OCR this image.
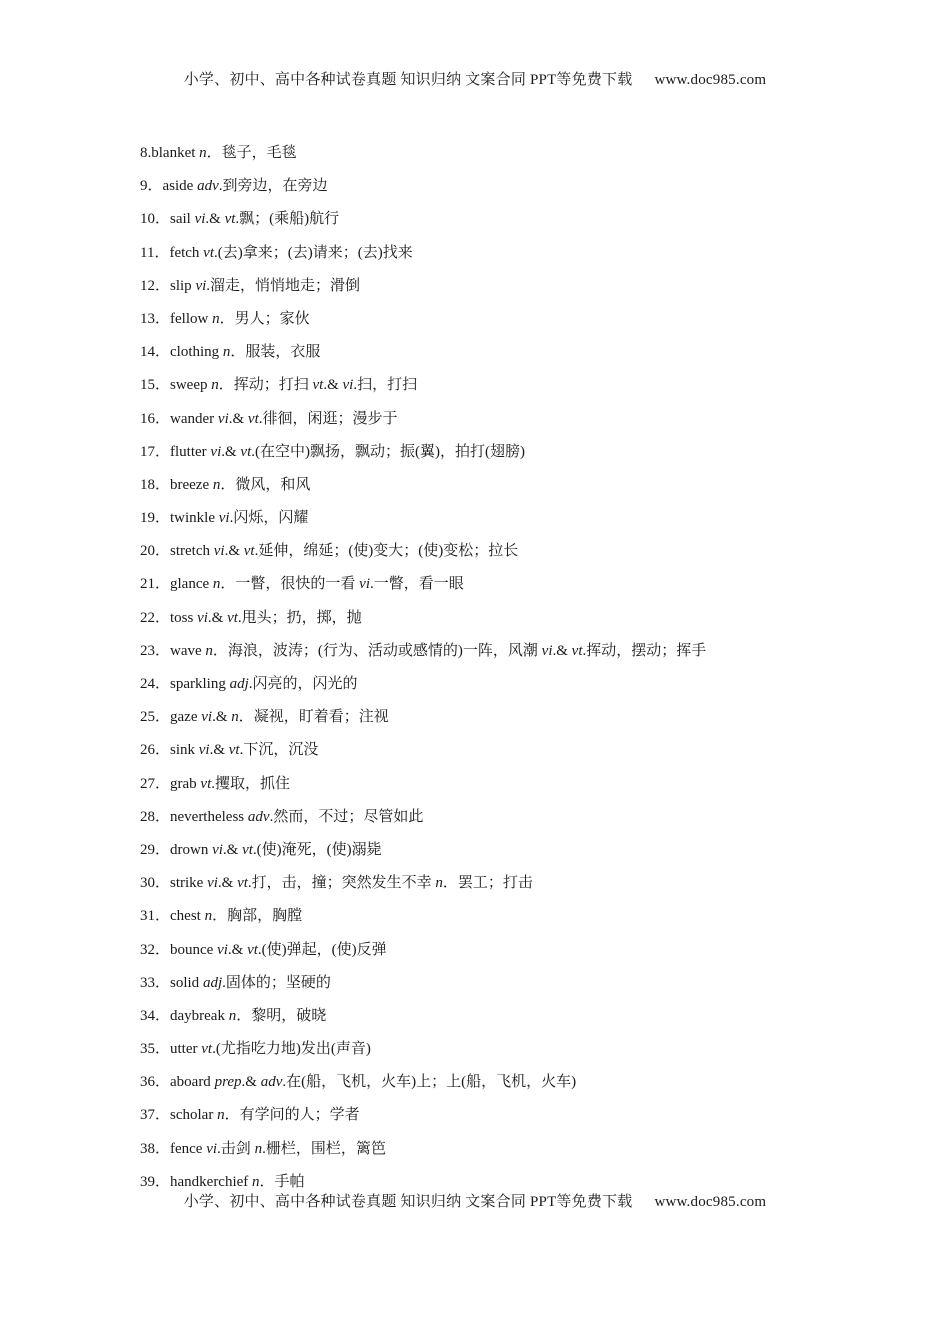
小学、初中、高中各种试卷真题 知识归纳 文案合同 PPT等免费下载 www.doc985.com
8.blanket n．毯子，毛毯
9．aside adv.到旁边，在旁边
10．sail vi.& vt.飘；(乘船)航行
11．fetch vt.(去)拿来；(去)请来；(去)找来
12．slip vi.溜走，悄悄地走；滑倒
13．fellow n．男人；家伙
14．clothing n．服装，衣服
15．sweep n．挥动；打扫 vt.& vi.扫，打扫
16．wander vi.& vt.徘徊，闲逛；漫步于
17．flutter vi.& vt.(在空中)飘扬，飘动；振(翼)，拍打(翅膀)
18．breeze n．微风，和风
19．twinkle vi.闪烁，闪耀
20．stretch vi.& vt.延伸，绵延；(使)变大；(使)变松；拉长
21．glance n．一瞥，很快的一看 vi.一瞥，看一眼
22．toss vi.& vt.甩头；扔，掷，抛
23．wave n．海浪，波涛；(行为、活动或感情的)一阵，风潮 vi.& vt.挥动，摆动；挥手
24．sparkling adj.闪亮的，闪光的
25．gaze vi.& n．凝视，盯着看；注视
26．sink vi.& vt.下沉，沉没
27．grab vt.攫取，抓住
28．nevertheless adv.然而，不过；尽管如此
29．drown vi.& vt.(使)淹死，(使)溺毙
30．strike vi.& vt.打，击，撞；突然发生不幸 n．罢工；打击
31．chest n．胸部，胸膛
32．bounce vi.& vt.(使)弹起，(使)反弹
33．solid adj.固体的；坚硬的
34．daybreak n．黎明，破晓
35．utter vt.(尤指吃力地)发出(声音)
36．aboard prep.& adv.在(船，飞机，火车)上；上(船，飞机，火车)
37．scholar n．有学问的人；学者
38．fence vi.击剑 n.栅栏，围栏，篱笆
39．handkerchief n．手帕
小学、初中、高中各种试卷真题 知识归纳 文案合同 PPT等免费下载 www.doc985.com
